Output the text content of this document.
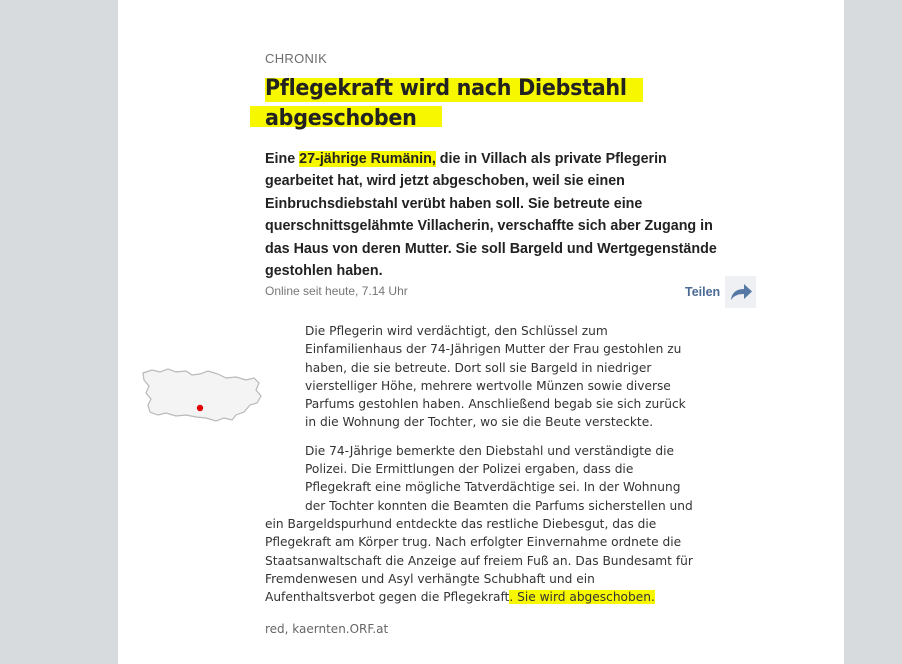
CHRONIK
Pflegekraft wird nach Diebstahl abgeschoben

Eine 27-jährige Rumänin, die in Villach als private Pflegerin gearbeitet hat, wird jetzt abgeschoben, weil sie einen Einbruchsdiebstahl verübt haben soll. Sie betreute eine querschnittsgelähmte Villacherin, verschaffte sich aber Zugang in das Haus von deren Mutter. Sie soll Bargeld und Wertgegenstände gestohlen haben.

Online seit heute, 7.14 Uhr	Teilen

Die Pflegerin wird verdächtigt, den Schlüssel zum Einfamilienhaus der 74-Jährigen Mutter der Frau gestohlen zu haben, die sie betreute. Dort soll sie Bargeld in niedriger vierstelliger Höhe, mehrere wertvolle Münzen sowie diverse Parfums gestohlen haben. Anschließend begab sie sich zurück in die Wohnung der Tochter, wo sie die Beute versteckte.

Die 74-Jährige bemerkte den Diebstahl und verständigte die Polizei. Die Ermittlungen der Polizei ergaben, dass die Pflegekraft eine mögliche Tatverdächtige sei. In der Wohnung der Tochter konnten die Beamten die Parfums sicherstellen und ein Bargeldspurhund entdeckte das restliche Diebesgut, das die Pflegekraft am Körper trug. Nach erfolgter Einvernahme ordnete die Staatsanwaltschaft die Anzeige auf freiem Fuß an. Das Bundesamt für Fremdenwesen und Asyl verhängte Schubhaft und ein Aufenthaltsverbot gegen die Pflegekraft. Sie wird abgeschoben.

red, kaernten.ORF.at
